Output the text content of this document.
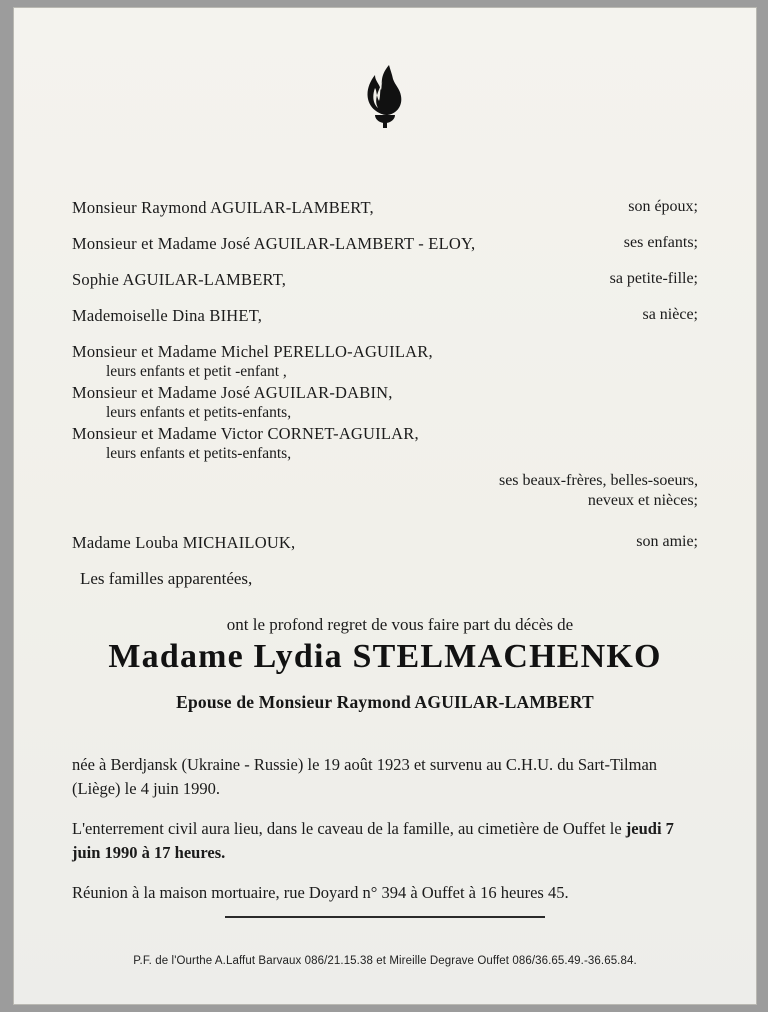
Monsieur Raymond AGUILAR-LAMBERT,	son époux;
Monsieur et Madame José AGUILAR-LAMBERT - ELOY,	ses enfants;
Sophie AGUILAR-LAMBERT,	sa petite-fille;
Mademoiselle Dina BIHET,	sa nièce;
Monsieur et Madame Michel PERELLO-AGUILAR,
leurs enfants et petit -enfant ,
Monsieur et Madame José AGUILAR-DABIN,
leurs enfants et petits-enfants,
Monsieur et Madame Victor CORNET-AGUILAR,
leurs enfants et petits-enfants,
ses beaux-frères, belles-soeurs,
neveux et nièces;
Madame Louba MICHAILOUK,	son amie;
Les familles apparentées,
ont le profond regret de vous faire part du décès de
Madame Lydia STELMACHENKO
Epouse de Monsieur Raymond AGUILAR-LAMBERT
née à Berdjansk (Ukraine - Russie) le 19 août 1923 et survenu au C.H.U. du Sart-Tilman (Liège) le 4 juin 1990.
L'enterrement civil aura lieu, dans le caveau de la famille, au cimetière de Ouffet le jeudi 7 juin 1990 à 17 heures.
Réunion à la maison mortuaire, rue Doyard n° 394 à Ouffet à 16 heures 45.
P.F. de l'Ourthe A.Laffut Barvaux 086/21.15.38 et Mireille Degrave Ouffet 086/36.65.49.-36.65.84.
